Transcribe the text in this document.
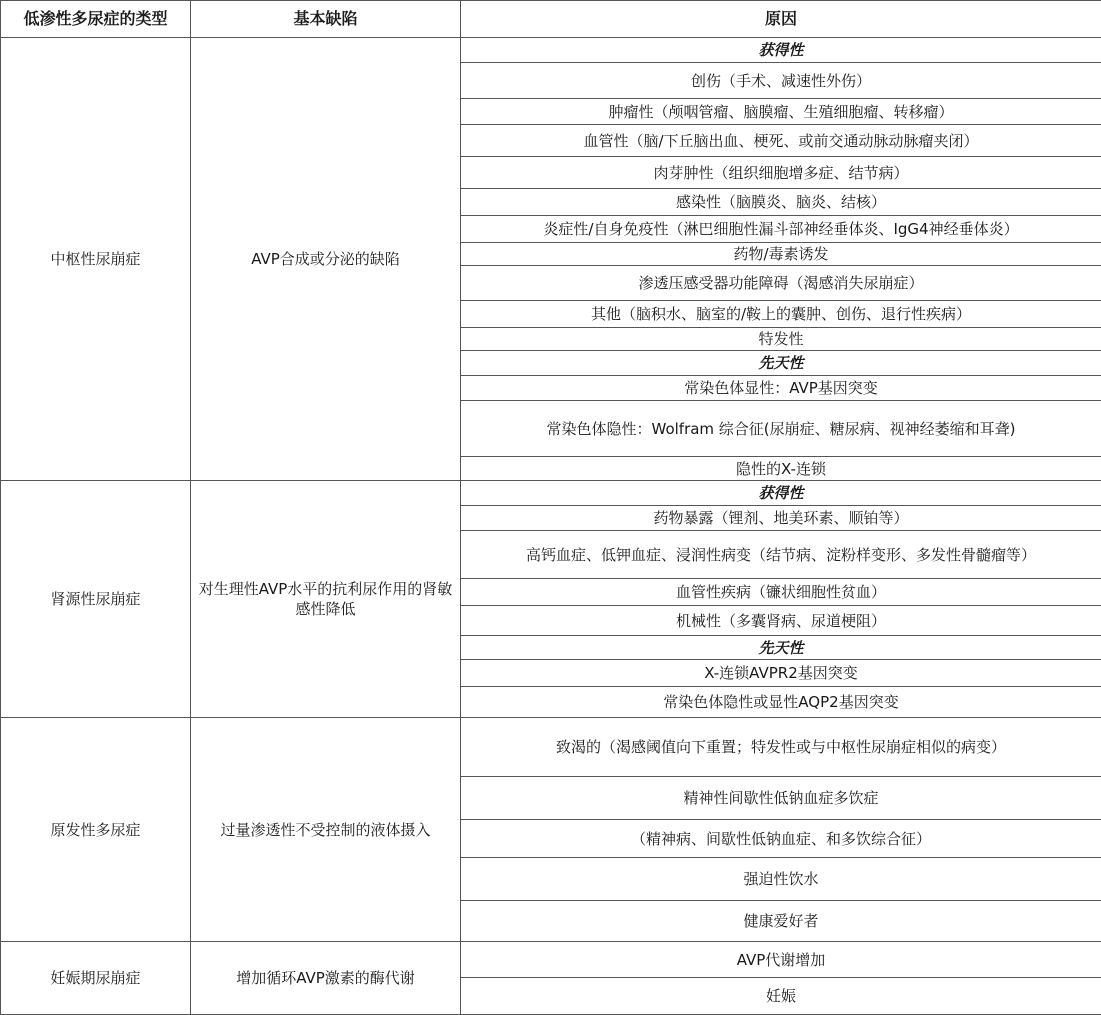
低渗性多尿症的类型	基本缺陷	原因
中枢性尿崩症	AVP合成或分泌的缺陷	获得性
		创伤（手术、减速性外伤）
		肿瘤性（颅咽管瘤、脑膜瘤、生殖细胞瘤、转移瘤）
		血管性（脑/下丘脑出血、梗死、或前交通动脉动脉瘤夹闭）
		肉芽肿性（组织细胞增多症、结节病）
		感染性（脑膜炎、脑炎、结核）
		炎症性/自身免疫性（淋巴细胞性漏斗部神经垂体炎、IgG4神经垂体炎）
		药物/毒素诱发
		渗透压感受器功能障碍（渴感消失尿崩症）
		其他（脑积水、脑室的/鞍上的囊肿、创伤、退行性疾病）
		特发性
		先天性
		常染色体显性：AVP基因突变
		常染色体隐性：Wolfram 综合征(尿崩症、糖尿病、视神经萎缩和耳聋)
		隐性的X-连锁
肾源性尿崩症	对生理性AVP水平的抗利尿作用的肾敏感性降低	获得性
		药物暴露（锂剂、地美环素、顺铂等）
		高钙血症、低钾血症、浸润性病变（结节病、淀粉样变形、多发性骨髓瘤等）
		血管性疾病（镰状细胞性贫血）
		机械性（多囊肾病、尿道梗阻）
		先天性
		X-连锁AVPR2基因突变
		常染色体隐性或显性AQP2基因突变
原发性多尿症	过量渗透性不受控制的液体摄入	致渴的（渴感阈值向下重置；特发性或与中枢性尿崩症相似的病变）
		精神性间歇性低钠血症多饮症
		（精神病、间歇性低钠血症、和多饮综合征）
		强迫性饮水
		健康爱好者
妊娠期尿崩症	增加循环AVP激素的酶代谢	AVP代谢增加
		妊娠
